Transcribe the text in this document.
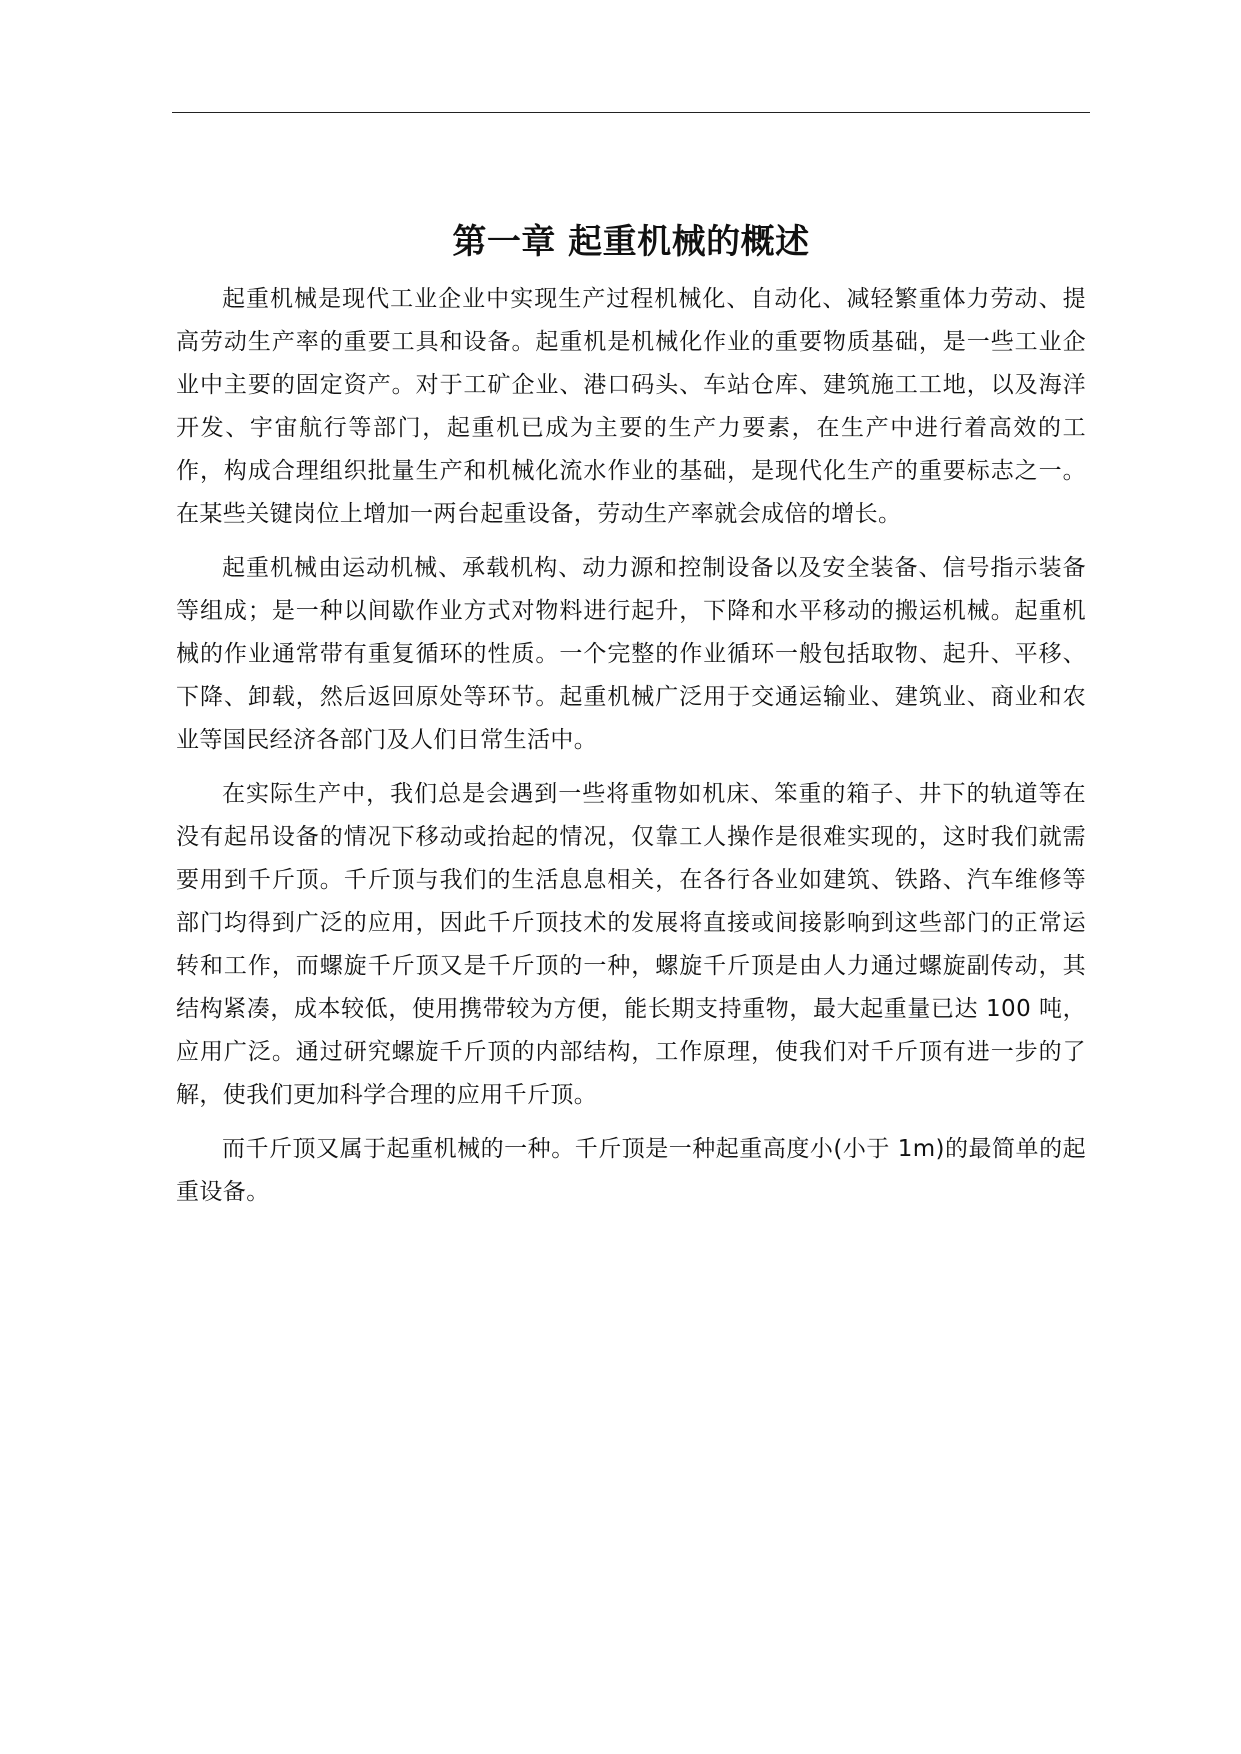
第一章 起重机械的概述

起重机械是现代工业企业中实现生产过程机械化、自动化、减轻繁重体力劳动、提高劳动生产率的重要工具和设备。起重机是机械化作业的重要物质基础，是一些工业企业中主要的固定资产。对于工矿企业、港口码头、车站仓库、建筑施工工地，以及海洋开发、宇宙航行等部门，起重机已成为主要的生产力要素，在生产中进行着高效的工作，构成合理组织批量生产和机械化流水作业的基础，是现代化生产的重要标志之一。在某些关键岗位上增加一两台起重设备，劳动生产率就会成倍的增长。

起重机械由运动机械、承载机构、动力源和控制设备以及安全装备、信号指示装备等组成；是一种以间歇作业方式对物料进行起升，下降和水平移动的搬运机械。起重机械的作业通常带有重复循环的性质。一个完整的作业循环一般包括取物、起升、平移、下降、卸载，然后返回原处等环节。起重机械广泛用于交通运输业、建筑业、商业和农业等国民经济各部门及人们日常生活中。

在实际生产中，我们总是会遇到一些将重物如机床、笨重的箱子、井下的轨道等在没有起吊设备的情况下移动或抬起的情况，仅靠工人操作是很难实现的，这时我们就需要用到千斤顶。千斤顶与我们的生活息息相关，在各行各业如建筑、铁路、汽车维修等部门均得到广泛的应用，因此千斤顶技术的发展将直接或间接影响到这些部门的正常运转和工作，而螺旋千斤顶又是千斤顶的一种，螺旋千斤顶是由人力通过螺旋副传动，其结构紧凑，成本较低，使用携带较为方便，能长期支持重物，最大起重量已达 100 吨，应用广泛。通过研究螺旋千斤顶的内部结构，工作原理，使我们对千斤顶有进一步的了解，使我们更加科学合理的应用千斤顶。

而千斤顶又属于起重机械的一种。千斤顶是一种起重高度小(小于 1m)的最简单的起重设备。
